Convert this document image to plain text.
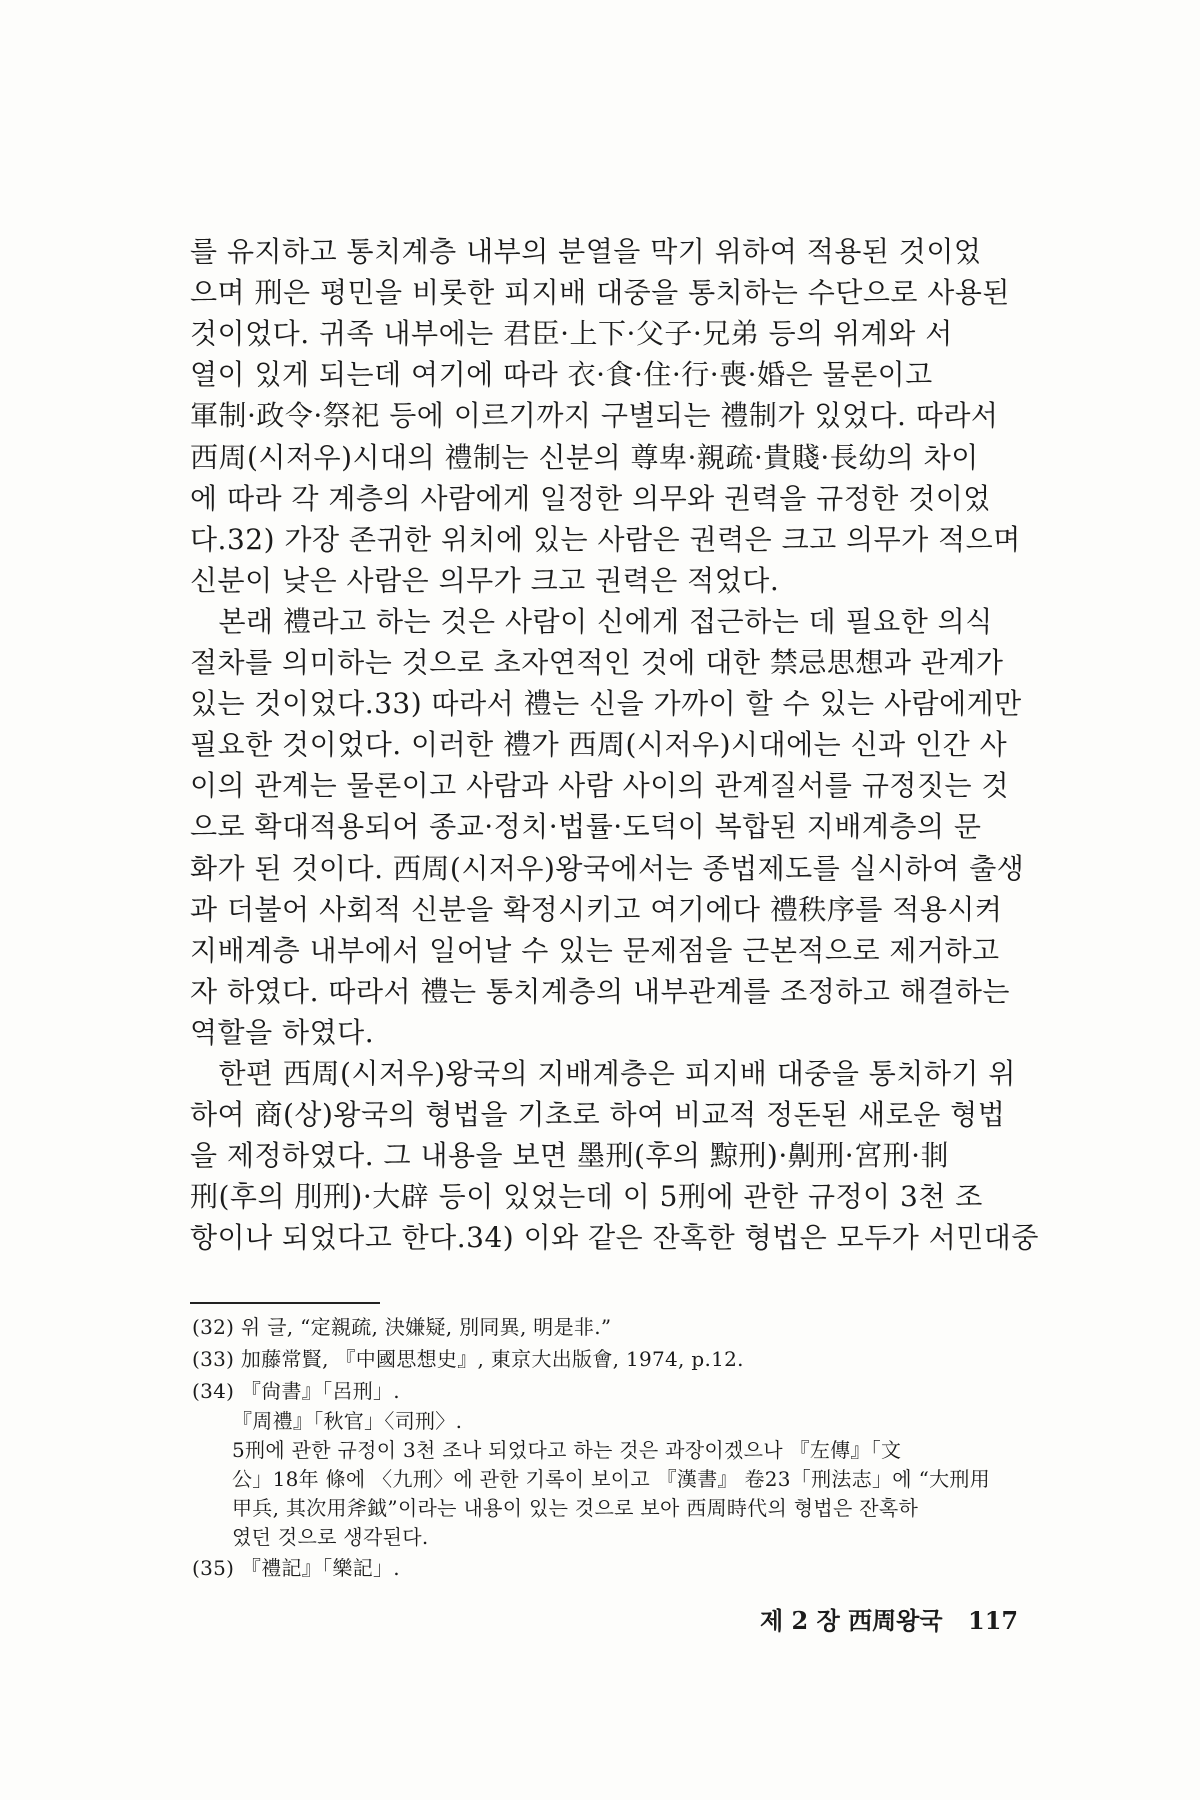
를 유지하고 통치계층 내부의 분열을 막기 위하여 적용된 것이었
으며 刑은 평민을 비롯한 피지배 대중을 통치하는 수단으로 사용된
것이었다. 귀족 내부에는 君臣·上下·父子·兄弟 등의 위계와 서
열이 있게 되는데 여기에 따라 衣·食·住·行·喪·婚은 물론이고
軍制·政令·祭祀 등에 이르기까지 구별되는 禮制가 있었다. 따라서
西周(시저우)시대의 禮制는 신분의 尊卑·親疏·貴賤·長幼의 차이
에 따라 각 계층의 사람에게 일정한 의무와 권력을 규정한 것이었
다.32) 가장 존귀한 위치에 있는 사람은 권력은 크고 의무가 적으며
신분이 낮은 사람은 의무가 크고 권력은 적었다.
　본래 禮라고 하는 것은 사람이 신에게 접근하는 데 필요한 의식
절차를 의미하는 것으로 초자연적인 것에 대한 禁忌思想과 관계가
있는 것이었다.33) 따라서 禮는 신을 가까이 할 수 있는 사람에게만
필요한 것이었다. 이러한 禮가 西周(시저우)시대에는 신과 인간 사
이의 관계는 물론이고 사람과 사람 사이의 관계질서를 규정짓는 것
으로 확대적용되어 종교·정치·법률·도덕이 복합된 지배계층의 문
화가 된 것이다. 西周(시저우)왕국에서는 종법제도를 실시하여 출생
과 더불어 사회적 신분을 확정시키고 여기에다 禮秩序를 적용시켜
지배계층 내부에서 일어날 수 있는 문제점을 근본적으로 제거하고
자 하였다. 따라서 禮는 통치계층의 내부관계를 조정하고 해결하는
역할을 하였다.
　한편 西周(시저우)왕국의 지배계층은 피지배 대중을 통치하기 위
하여 商(상)왕국의 형법을 기초로 하여 비교적 정돈된 새로운 형법
을 제정하였다. 그 내용을 보면 墨刑(후의 黥刑)·劓刑·宮刑·剕
刑(후의 刖刑)·大辟 등이 있었는데 이 5刑에 관한 규정이 3천 조
항이나 되었다고 한다.34) 이와 같은 잔혹한 형법은 모두가 서민대중
(32) 위 글, “定親疏, 決嫌疑, 別同異, 明是非.”
(33) 加藤常賢, 『中國思想史』, 東京大出版會, 1974, p.12.
(34) 『尙書』「呂刑」.
『周禮』「秋官」〈司刑〉.
5刑에 관한 규정이 3천 조나 되었다고 하는 것은 과장이겠으나 『左傳』「文
公」18年 條에 〈九刑〉에 관한 기록이 보이고 『漢書』 卷23「刑法志」에 “大刑用
甲兵, 其次用斧鉞”이라는 내용이 있는 것으로 보아 西周時代의 형법은 잔혹하
였던 것으로 생각된다.
(35) 『禮記』「樂記」.
제 2 장 西周왕국 117
